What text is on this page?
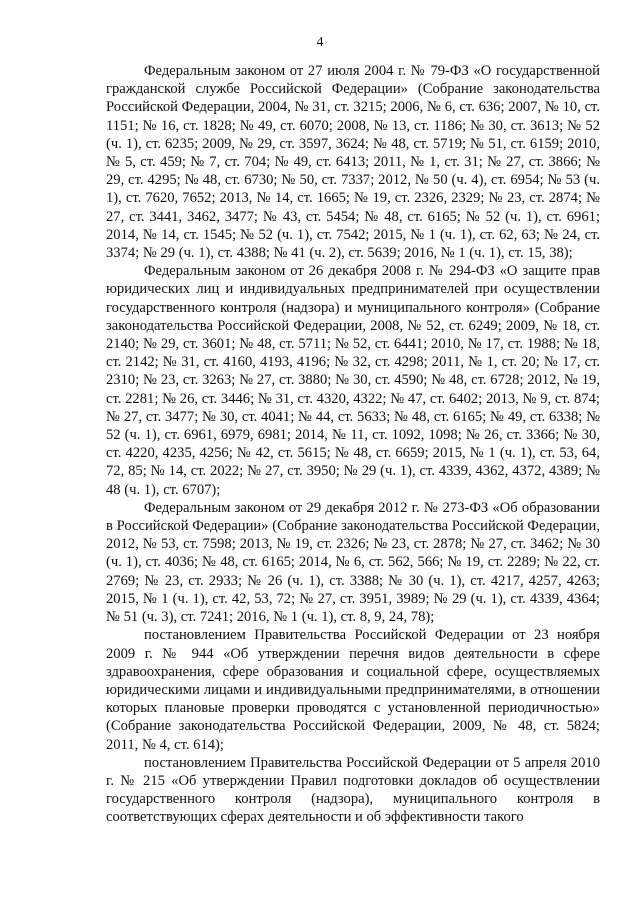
4

Федеральным законом от 27 июля 2004 г. № 79-ФЗ «О государственной гражданской службе Российской Федерации» (Собрание законодательства Российской Федерации, 2004, № 31, ст. 3215; 2006, № 6, ст. 636; 2007, № 10, ст. 1151; № 16, ст. 1828; № 49, ст. 6070; 2008, № 13, ст. 1186; № 30, ст. 3613; № 52 (ч. 1), ст. 6235; 2009, № 29, ст. 3597, 3624; № 48, ст. 5719; № 51, ст. 6159; 2010, № 5, ст. 459; № 7, ст. 704; № 49, ст. 6413; 2011, № 1, ст. 31; № 27, ст. 3866; № 29, ст. 4295; № 48, ст. 6730; № 50, ст. 7337; 2012, № 50 (ч. 4), ст. 6954; № 53 (ч. 1), ст. 7620, 7652; 2013, № 14, ст. 1665; № 19, ст. 2326, 2329; № 23, ст. 2874; № 27, ст. 3441, 3462, 3477; № 43, ст. 5454; № 48, ст. 6165; № 52 (ч. 1), ст. 6961; 2014, № 14, ст. 1545; № 52 (ч. 1), ст. 7542; 2015, № 1 (ч. 1), ст. 62, 63; № 24, ст. 3374; № 29 (ч. 1), ст. 4388; № 41 (ч. 2), ст. 5639; 2016, № 1 (ч. 1), ст. 15, 38);

Федеральным законом от 26 декабря 2008 г. № 294-ФЗ «О защите прав юридических лиц и индивидуальных предпринимателей при осуществлении государственного контроля (надзора) и муниципального контроля» (Собрание законодательства Российской Федерации, 2008, № 52, ст. 6249; 2009, № 18, ст. 2140; № 29, ст. 3601; № 48, ст. 5711; № 52, ст. 6441; 2010, № 17, ст. 1988; № 18, ст. 2142; № 31, ст. 4160, 4193, 4196; № 32, ст. 4298; 2011, № 1, ст. 20; № 17, ст. 2310; № 23, ст. 3263; № 27, ст. 3880; № 30, ст. 4590; № 48, ст. 6728; 2012, № 19, ст. 2281; № 26, ст. 3446; № 31, ст. 4320, 4322; № 47, ст. 6402; 2013, № 9, ст. 874; № 27, ст. 3477; № 30, ст. 4041; № 44, ст. 5633; № 48, ст. 6165; № 49, ст. 6338; № 52 (ч. 1), ст. 6961, 6979, 6981; 2014, № 11, ст. 1092, 1098; № 26, ст. 3366; № 30, ст. 4220, 4235, 4256; № 42, ст. 5615; № 48, ст. 6659; 2015, № 1 (ч. 1), ст. 53, 64, 72, 85; № 14, ст. 2022; № 27, ст. 3950; № 29 (ч. 1), ст. 4339, 4362, 4372, 4389; № 48 (ч. 1), ст. 6707);

Федеральным законом от 29 декабря 2012 г. № 273-ФЗ «Об образовании в Российской Федерации» (Собрание законодательства Российской Федерации, 2012, № 53, ст. 7598; 2013, № 19, ст. 2326; № 23, ст. 2878; № 27, ст. 3462; № 30 (ч. 1), ст. 4036; № 48, ст. 6165; 2014, № 6, ст. 562, 566; № 19, ст. 2289; № 22, ст. 2769; № 23, ст. 2933; № 26 (ч. 1), ст. 3388; № 30 (ч. 1), ст. 4217, 4257, 4263; 2015, № 1 (ч. 1), ст. 42, 53, 72; № 27, ст. 3951, 3989; № 29 (ч. 1), ст. 4339, 4364; № 51 (ч. 3), ст. 7241; 2016, № 1 (ч. 1), ст. 8, 9, 24, 78);

постановлением Правительства Российской Федерации от 23 ноября 2009 г. № 944 «Об утверждении перечня видов деятельности в сфере здравоохранения, сфере образования и социальной сфере, осуществляемых юридическими лицами и индивидуальными предпринимателями, в отношении которых плановые проверки проводятся с установленной периодичностью» (Собрание законодательства Российской Федерации, 2009, № 48, ст. 5824; 2011, № 4, ст. 614);

постановлением Правительства Российской Федерации от 5 апреля 2010 г. № 215 «Об утверждении Правил подготовки докладов об осуществлении государственного контроля (надзора), муниципального контроля в соответствующих сферах деятельности и об эффективности такого
